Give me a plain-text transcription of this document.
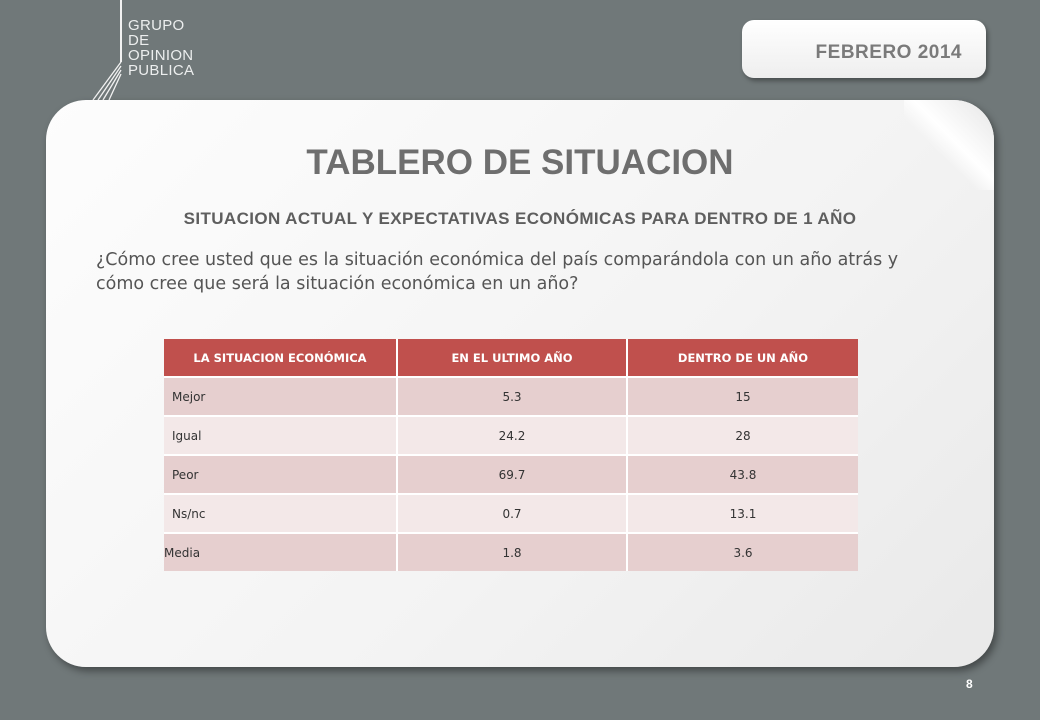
GRUPO
DE
OPINION
PUBLICA
FEBRERO 2014
TABLERO DE SITUACION
SITUACION ACTUAL Y EXPECTATIVAS ECONÓMICAS PARA DENTRO DE 1 AÑO

¿Cómo cree usted que es la situación económica del país comparándola con un año atrás y cómo cree que será la situación económica en un año?

LA SITUACION ECONÓMICA	EN EL ULTIMO AÑO	DENTRO DE UN AÑO
Mejor	5.3	15
Igual	24.2	28
Peor	69.7	43.8
Ns/nc	0.7	13.1
Media	1.8	3.6
8
